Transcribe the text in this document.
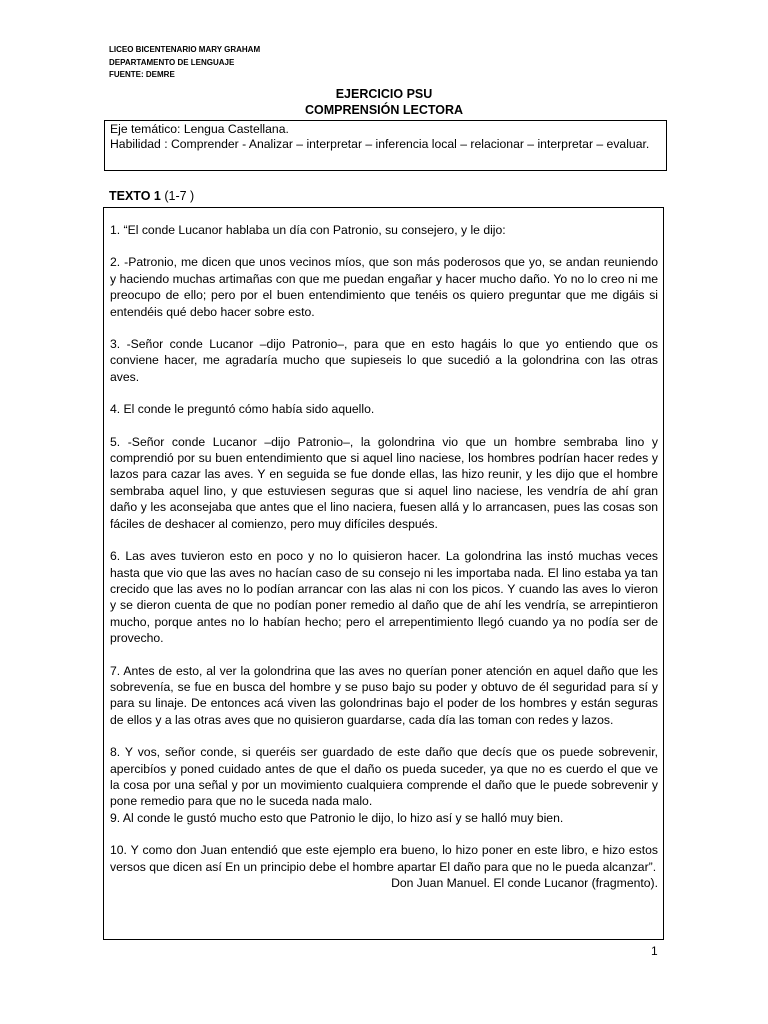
LICEO BICENTENARIO MARY GRAHAM
DEPARTAMENTO DE LENGUAJE
FUENTE: DEMRE
EJERCICIO PSU
COMPRENSIÓN LECTORA
Eje temático: Lengua Castellana.
Habilidad : Comprender - Analizar – interpretar – inferencia local – relacionar – interpretar – evaluar.
TEXTO 1 (1-7 )

1. “El conde Lucanor hablaba un día con Patronio, su consejero, y le dijo:

2. -Patronio, me dicen que unos vecinos míos, que son más poderosos que yo, se andan reuniendo y haciendo muchas artimañas con que me puedan engañar y hacer mucho daño. Yo no lo creo ni me preocupo de ello; pero por el buen entendimiento que tenéis os quiero preguntar que me digáis si entendéis qué debo hacer sobre esto.

3. -Señor conde Lucanor –dijo Patronio–, para que en esto hagáis lo que yo entiendo que os conviene hacer, me agradaría mucho que supieseis lo que sucedió a la golondrina con las otras aves.

4. El conde le preguntó cómo había sido aquello.

5. -Señor conde Lucanor –dijo Patronio–, la golondrina vio que un hombre sembraba lino y comprendió por su buen entendimiento que si aquel lino naciese, los hombres podrían hacer redes y lazos para cazar las aves. Y en seguida se fue donde ellas, las hizo reunir, y les dijo que el hombre sembraba aquel lino, y que estuviesen seguras que si aquel lino naciese, les vendría de ahí gran daño y les aconsejaba que antes que el lino naciera, fuesen allá y lo arrancasen, pues las cosas son fáciles de deshacer al comienzo, pero muy difíciles después.

6. Las aves tuvieron esto en poco y no lo quisieron hacer. La golondrina las instó muchas veces hasta que vio que las aves no hacían caso de su consejo ni les importaba nada. El lino estaba ya tan crecido que las aves no lo podían arrancar con las alas ni con los picos. Y cuando las aves lo vieron y se dieron cuenta de que no podían poner remedio al daño que de ahí les vendría, se arrepintieron mucho, porque antes no lo habían hecho; pero el arrepentimiento llegó cuando ya no podía ser de provecho.

7. Antes de esto, al ver la golondrina que las aves no querían poner atención en aquel daño que les sobrevenía, se fue en busca del hombre y se puso bajo su poder y obtuvo de él seguridad para sí y para su linaje. De entonces acá viven las golondrinas bajo el poder de los hombres y están seguras de ellos y a las otras aves que no quisieron guardarse, cada día las toman con redes y lazos.

8. Y vos, señor conde, si queréis ser guardado de este daño que decís que os puede sobrevenir, apercibíos y poned cuidado antes de que el daño os pueda suceder, ya que no es cuerdo el que ve la cosa por una señal y por un movimiento cualquiera comprende el daño que le puede sobrevenir y pone remedio para que no le suceda nada malo.

9. Al conde le gustó mucho esto que Patronio le dijo, lo hizo así y se halló muy bien.

10. Y como don Juan entendió que este ejemplo era bueno, lo hizo poner en este libro, e hizo estos versos que dicen así En un principio debe el hombre apartar El daño para que no le pueda alcanzar”.

Don Juan Manuel. El conde Lucanor (fragmento).

1
